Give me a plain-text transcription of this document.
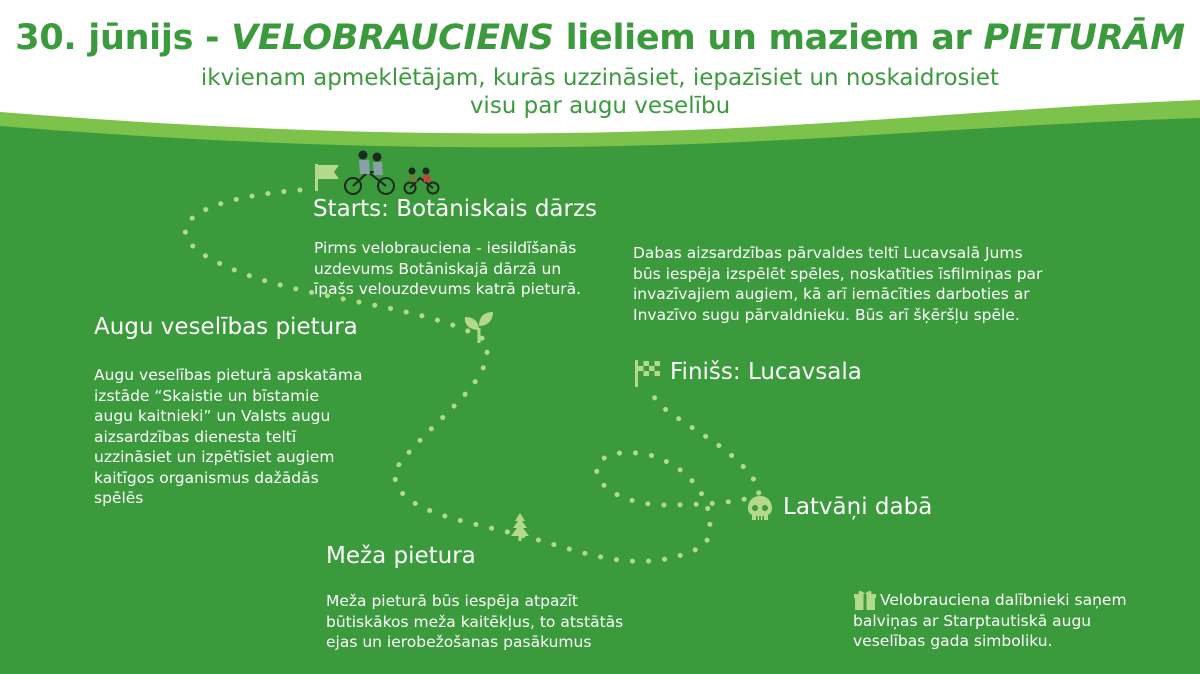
30. jūnijs - VELOBRAUCIENS lieliem un maziem ar PIETURĀM
ikvienam apmeklētājam, kurās uzzināsiet, iepazīsiet un noskaidrosiet
visu par augu veselību
Starts: Botāniskais dārzs
Pirms velobrauciena - iesildīšanās
uzdevums Botāniskajā dārzā un
īpašs velouzdevums katrā pieturā.
Dabas aizsardzības pārvaldes teltī Lucavsalā Jums
būs iespēja izspēlēt spēles, noskatīties īsfilmiņas par
invazīvajiem augiem, kā arī iemācīties darboties ar
Invazīvo sugu pārvaldnieku. Būs arī šķēršļu spēle.
Augu veselības pietura
Augu veselības pieturā apskatāma
izstāde “Skaistie un bīstamie
augu kaitnieki” un Valsts augu
aizsardzības dienesta teltī
uzzināsiet un izpētīsiet augiem
kaitīgos organismus dažādās
spēlēs
Finišs: Lucavsala
Latvāņi dabā
Meža pietura
Meža pieturā būs iespēja atpazīt
būtiskākos meža kaitēkļus, to atstātās
ejas un ierobežošanas pasākumus
Velobrauciena dalībnieki saņem
balviņas ar Starptautiskā augu
veselības gada simboliku.
